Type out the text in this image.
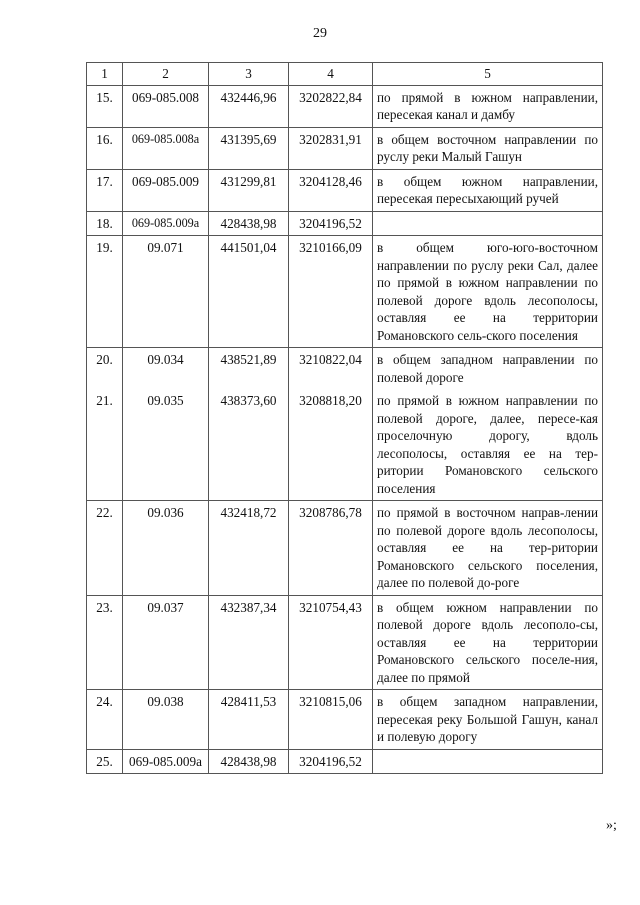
29
1	2	3	4	5
15.	069-085.008	432446,96	3202822,84	по прямой в южном направлении, пересекая канал и дамбу
16.	069-085.008а	431395,69	3202831,91	в общем восточном направлении по руслу реки Малый Гашун
17.	069-085.009	431299,81	3204128,46	в общем южном направлении, пересекая пересыхающий ручей
18.	069-085.009а	428438,98	3204196,52	
19.	09.071	441501,04	3210166,09	в общем юго-юго-восточном направлении по руслу реки Сал, далее по прямой в южном направлении по полевой дороге вдоль лесополосы, оставляя ее на территории Романовского сель-ского поселения
20.	09.034	438521,89	3210822,04	в общем западном направлении по полевой дороге
21.	09.035	438373,60	3208818,20	по прямой в южном направлении по полевой дороге, далее, пересе-кая проселочную дорогу, вдоль лесополосы, оставляя ее на тер-ритории Романовского сельского поселения
22.	09.036	432418,72	3208786,78	по прямой в восточном направ-лении по полевой дороге вдоль лесополосы, оставляя ее на тер-ритории Романовского сельского поселения, далее по полевой до-роге
23.	09.037	432387,34	3210754,43	в общем южном направлении по полевой дороге вдоль лесополо-сы, оставляя ее на территории Романовского сельского поселе-ния, далее по прямой
24.	09.038	428411,53	3210815,06	в общем западном направлении, пересекая реку Большой Гашун, канал и полевую дорогу
25.	069-085.009а	428438,98	3204196,52	
»;
